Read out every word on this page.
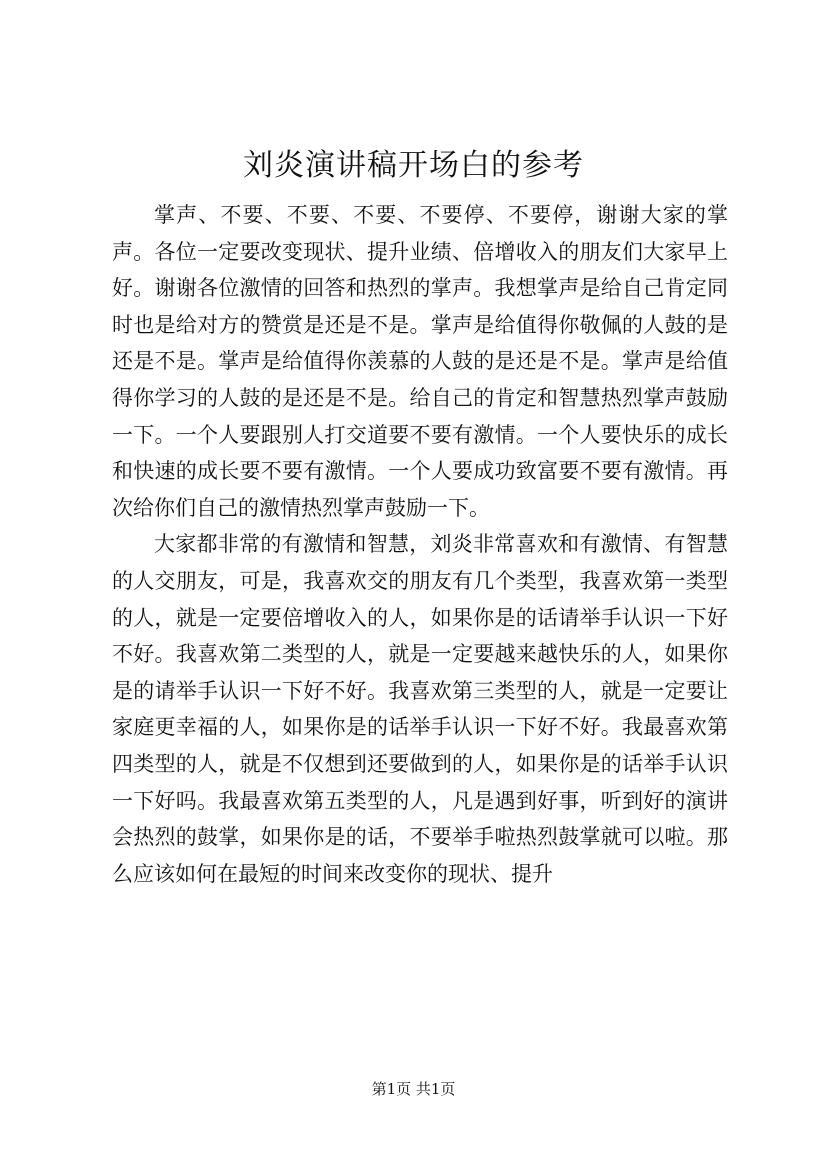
刘炎演讲稿开场白的参考

掌声、不要、不要、不要、不要停、不要停，谢谢大家的掌声。各位一定要改变现状、提升业绩、倍增收入的朋友们大家早上好。谢谢各位激情的回答和热烈的掌声。我想掌声是给自己肯定同时也是给对方的赞赏是还是不是。掌声是给值得你敬佩的人鼓的是还是不是。掌声是给值得你羡慕的人鼓的是还是不是。掌声是给值得你学习的人鼓的是还是不是。给自己的肯定和智慧热烈掌声鼓励一下。一个人要跟别人打交道要不要有激情。一个人要快乐的成长和快速的成长要不要有激情。一个人要成功致富要不要有激情。再次给你们自己的激情热烈掌声鼓励一下。

大家都非常的有激情和智慧，刘炎非常喜欢和有激情、有智慧的人交朋友，可是，我喜欢交的朋友有几个类型，我喜欢第一类型的人，就是一定要倍增收入的人，如果你是的话请举手认识一下好不好。我喜欢第二类型的人，就是一定要越来越快乐的人，如果你是的请举手认识一下好不好。我喜欢第三类型的人，就是一定要让家庭更幸福的人，如果你是的话举手认识一下好不好。我最喜欢第四类型的人，就是不仅想到还要做到的人，如果你是的话举手认识一下好吗。我最喜欢第五类型的人，凡是遇到好事，听到好的演讲会热烈的鼓掌，如果你是的话，不要举手啦热烈鼓掌就可以啦。那么应该如何在最短的时间来改变你的现状、提升

第1页 共1页
